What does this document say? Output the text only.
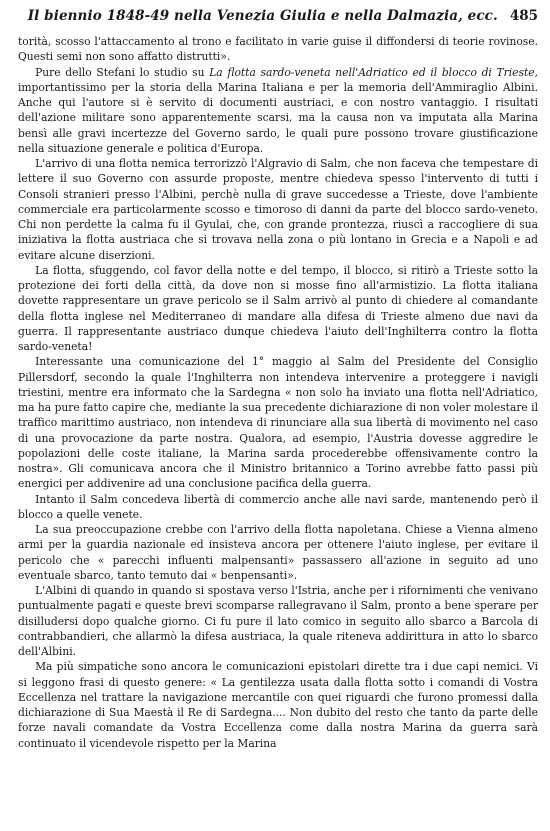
Il biennio 1848-49 nella Venezia Giulia e nella Dalmazia, ecc. 485

torità, scosso l'attaccamento al trono e facilitato in varie guise il diffondersi di teorie rovinose. Questi semi non sono affatto distrutti».

Pure dello Stefani lo studio su La flotta sardo-veneta nell'Adriatico ed il blocco di Trieste, importantissimo per la storia della Marina Italiana e per la memoria dell'Ammiraglio Albini. Anche qui l'autore si è servito di documenti austriaci, e con nostro vantaggio. I risultati dell'azione militare sono apparentemente scarsi, ma la causa non va imputata alla Marina bensì alle gravi incertezze del Governo sardo, le quali pure possono trovare giustificazione nella situazione generale e politica d'Europa.

L'arrivo di una flotta nemica terrorizzò l'Algravio di Salm, che non faceva che tempestare di lettere il suo Governo con assurde proposte, mentre chiedeva spesso l'intervento di tutti i Consoli stranieri presso l'Albini, perchè nulla di grave succedesse a Trieste, dove l'ambiente commerciale era particolarmente scosso e timoroso di danni da parte del blocco sardo-veneto. Chi non perdette la calma fu il Gyulai, che, con grande prontezza, riuscì a raccogliere di sua iniziativa la flotta austriaca che si trovava nella zona o più lontano in Grecia e a Napoli e ad evitare alcune diserzioni.

La flotta, sfuggendo, col favor della notte e del tempo, il blocco, si ritirò a Trieste sotto la protezione dei forti della città, da dove non si mosse fino all'armistizio. La flotta italiana dovette rappresentare un grave pericolo se il Salm arrivò al punto di chiedere al comandante della flotta inglese nel Mediterraneo di mandare alla difesa di Trieste almeno due navi da guerra. Il rappresentante austriaco dunque chiedeva l'aiuto dell'Inghilterra contro la flotta sardo-veneta!

Interessante una comunicazione del 1° maggio al Salm del Presidente del Consiglio Pillersdorf, secondo la quale l'Inghilterra non intendeva intervenire a proteggere i navigli triestini, mentre era informato che la Sardegna « non solo ha inviato una flotta nell'Adriatico, ma ha pure fatto capire che, mediante la sua precedente dichiarazione di non voler molestare il traffico marittimo austriaco, non intendeva di rinunciare alla sua libertà di movimento nel caso di una provocazione da parte nostra. Qualora, ad esempio, l'Austria dovesse aggredire le popolazioni delle coste italiane, la Marina sarda procederebbe offensivamente contro la nostra». Gli comunicava ancora che il Ministro britannico a Torino avrebbe fatto passi più energici per addivenire ad una conclusione pacifica della guerra.

Intanto il Salm concedeva libertà di commercio anche alle navi sarde, mantenendo però il blocco a quelle venete.

La sua preoccupazione crebbe con l'arrivo della flotta napoletana. Chiese a Vienna almeno armi per la guardia nazionale ed insisteva ancora per ottenere l'aiuto inglese, per evitare il pericolo che « parecchi influenti malpensanti» passassero all'azione in seguito ad uno eventuale sbarco, tanto temuto dai « benpensanti».

L'Albini di quando in quando si spostava verso l'Istria, anche per i rifornimenti che venivano puntualmente pagati e queste brevi scomparse rallegravano il Salm, pronto a bene sperare per disilludersi dopo qualche giorno. Ci fu pure il lato comico in seguito allo sbarco a Barcola di contrabbandieri, che allarmò la difesa austriaca, la quale riteneva addirittura in atto lo sbarco dell'Albini.

Ma più simpatiche sono ancora le comunicazioni epistolari dirette tra i due capi nemici. Vi si leggono frasi di questo genere: « La gentilezza usata dalla flotta sotto i comandi di Vostra Eccellenza nel trattare la navigazione mercantile con quei riguardi che furono promessi dalla dichiarazione di Sua Maestà il Re di Sardegna.... Non dubito del resto che tanto da parte delle forze navali comandate da Vostra Eccellenza come dalla nostra Marina da guerra sarà continuato il vicendevole rispetto per la Marina
